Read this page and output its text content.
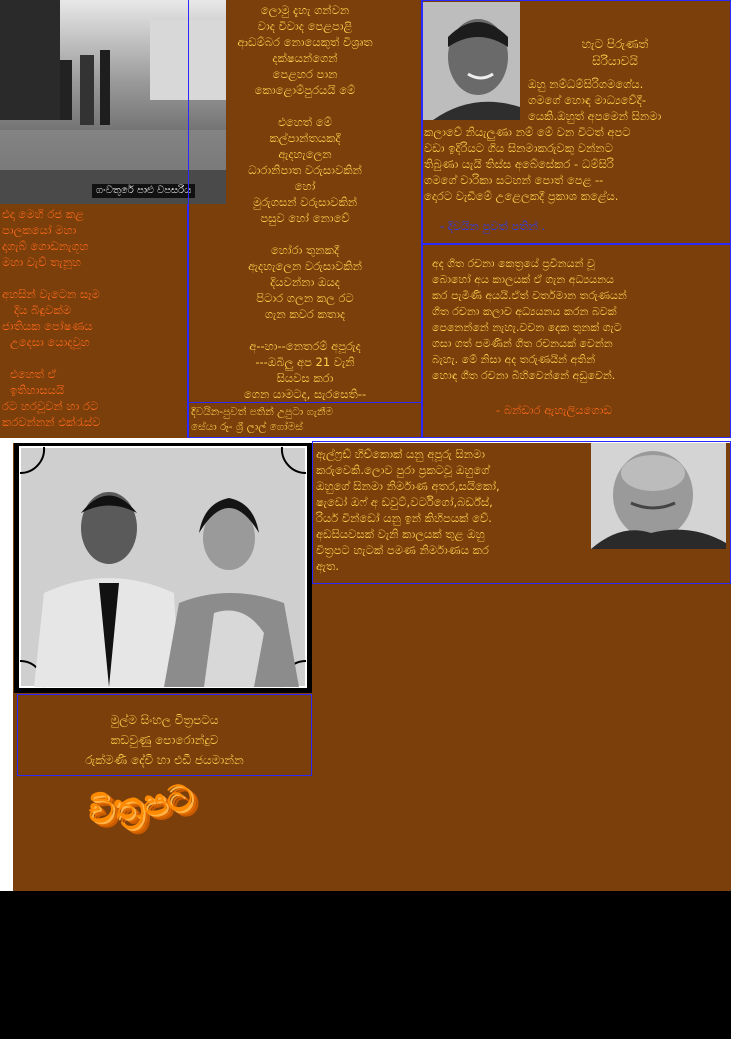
ගංවතුරේ පාළු වපසරිය
එදා මෙහි රජ කළ
පාලකයෝ මහා
දාගැබ් ගොඩනැගූහ
මහා වැව් තැනූහ
අහසින් වැටෙන සෑම
දිය බිඳුවක්ම
ජාතියක පෝෂණය
උදෙසා යොදවූහ
එහෙත් ඒ
ඉතිහාසයයි
රට හරවූවන් හා රට
කරවන්නන් එක්රැස්ව
ලොමු දැහැ ගන්වන
වාද විවාද පෙළපාළි
ආඩම්බර නොයෙකුත් විශ්‍රෘත
දක්ෂයන්ගෙන්
පෙළහර පාන
කොළොම්පුරයයි මේ
එහෙත් මේ
කල්පාන්තයකදී
ඇදහැලෙන
ධාරානිපාත වරුසාවකින්
හෝ
මුරුගසන් වරුසාවකින්
පසුව හෝ නොවේ
හෝරා තුනකදී
ඇදහැලෙන වරුසාවකින්
දියවන්නා ඔයද
පිටාර ගලන කල රට
ගැන කවර කතාද
අ--හා--නෙතරම් අපූරුද
---ඔබිලු අප 21 වැනි
සියවස කරා
ගෙන යාමටද, සැරසෙති--
දිවයින-පුවත් පතින් උපුටා ගැනීම
සේයා රූ- ශ්‍රී ලාල් ගෝමස්
හැට පිරුණත්
සිරියාවයි
ඔහු නම්ධම්සිරිගමගේය.
ගමගේ හොඳ මාධ්‍යවේදී-
යෙකි.ඔහුත් අපමෙන් සිනමා
කලාවේ නියැලුණා නම් මේ වන විටත් අපට
වඩා ඉදිරියට ගිය සිනමාකරුවකු වන්නට
තිබුණා යැයි තිස්ස අබේසේකර - ධම්සිරි
ගමගේ චාරිකා සටහන් පොත් පෙළ --
දොරට වැඩීමේ උළෙලකදී ප්‍රකාශ කළේය.
- දිවයින පුවත් පතින් .
අද ගීත රචනා කෙත්‍රයේ ප්‍රවීනයන් වූ
බොහෝ අය කාලයක් ඒ ගැන අධ්‍යයනය
කර පැමිණි අයයි.ඒත් වර්තමාන තරුණයන්
ගීත රචනා කලාව අධ්‍යයනය කරන බවක්
පෙනෙන්නේ නැහැ.වචන දෙක තුනක් ගැට
ගසා ගත් පමණින් ගීත රචනයක් වෙන්න
බැහැ. මේ නිසා අද තරුණයින් අතින්
හොඳ ගීත රචනා බිහිවෙන්නේ අඩුවෙන්.
- බන්ඩාර ඇහැලියගොඩ
මුල්ම සිංහල චිත්‍රපටය
කඩවුණු පොරොන්දුව
රුක්මණී දේවි හා එඩී ජයමාන්න
ඇල්ෆ්‍රඩ් හිච්කොක් යනු අපූරු සිනමා
කරුවෙකි.ලොව පුරා ප්‍රකටවූ ඔහුගේ
ඔහුගේ සිනමා නිර්මාණ අතර,සයිකෝ,
ෂැඩෝ ඔෆ් අ ඩවුට්,වර්ටිගෝ,බර්ඩ්ස්,
රියර් වින්ඩෝ යනු ඉන් කිහිපයක් වේ.
අඩසියවසක් වැනි කාලයක් තුළ ඔහු
විත්‍රපට හැටක් පමණ නිර්මාණය කර
ඇත.
චිත්‍රපට
